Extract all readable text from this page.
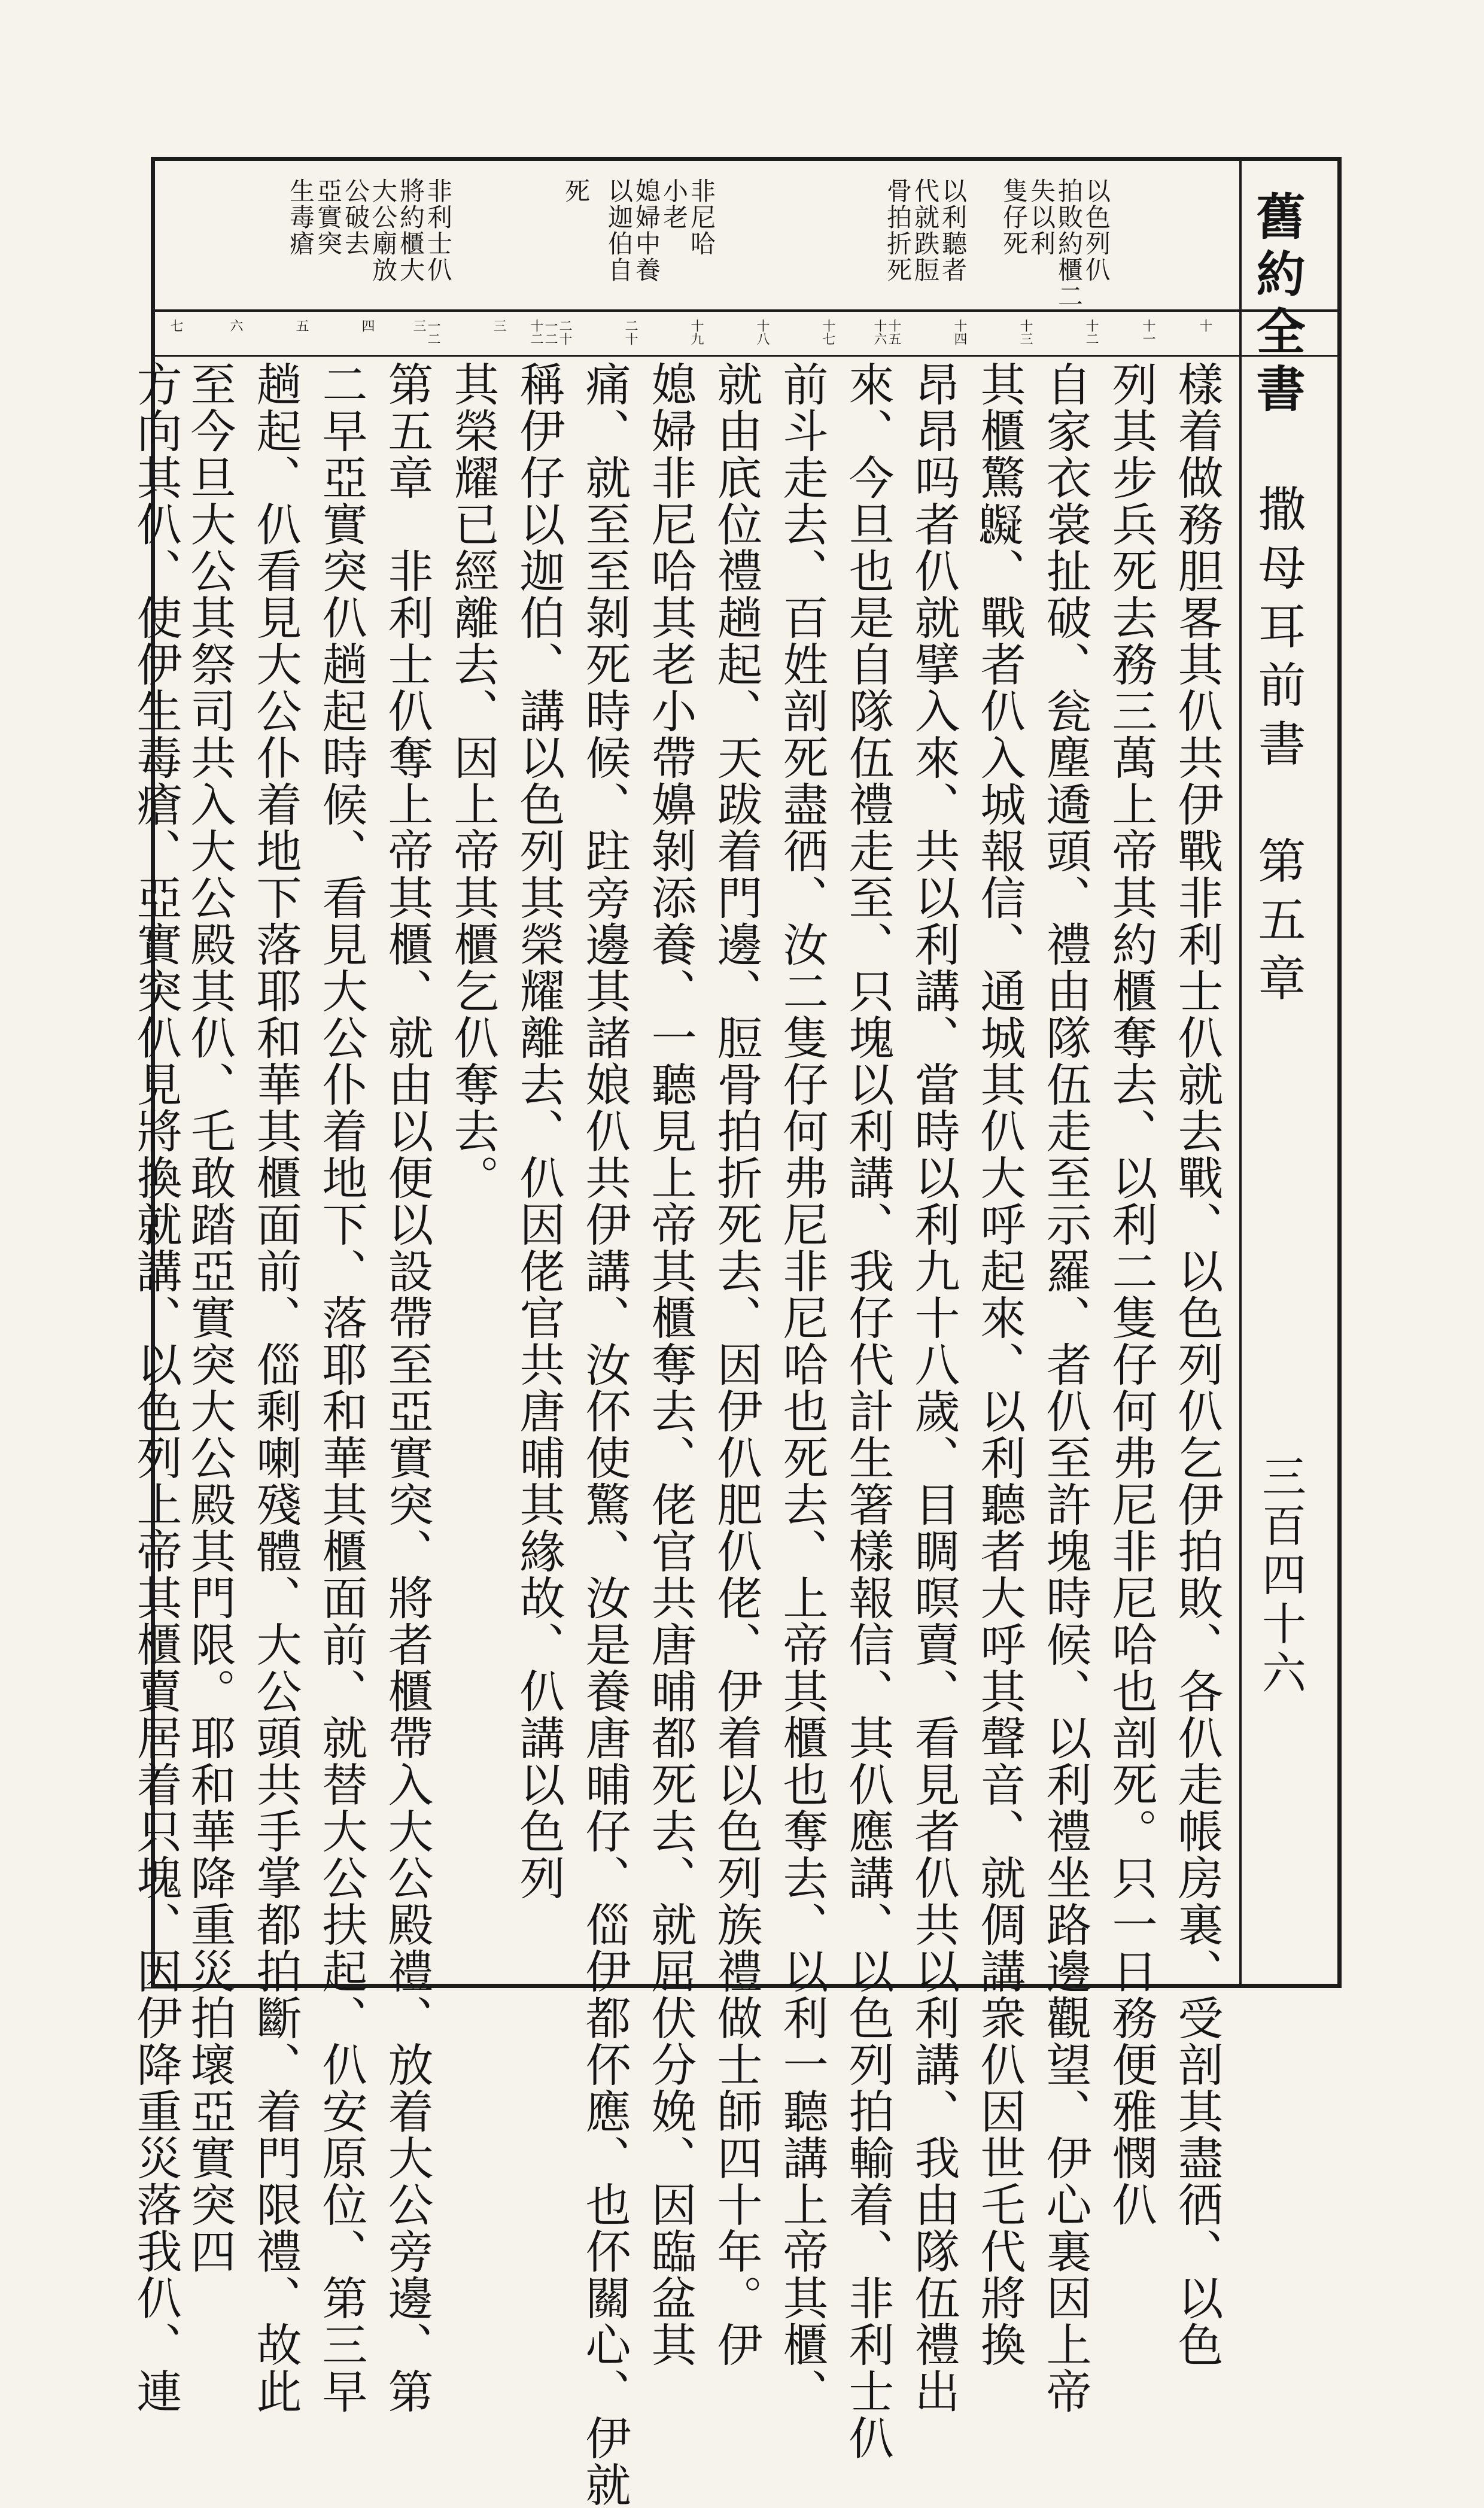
以色列仈
拍敗約櫃二
失以利
隻仔死
以利聽者
代就跌脰
骨拍折死
非尼哈
小老
媳婦中養
以迦伯自
死
非利士仈
將約櫃大
大公廟放
公破去
亞實突
生毒瘡
十
十一
十二
十三
十四
十五十六
十七
十八
十九
二十
二十一二十二
三
一二三
四
五
六
七
樣着做務胆畧其仈共伊戰非利士仈就去戰、以色列仈乞伊拍敗、各仈走帳房裏、受剖其盡徆、以色
列其步兵死去務三萬上帝其約櫃奪去、以利二隻仔何弗尼非尼哈也剖死。只一日務便雅憫仈
自家衣裳扯破、瓮塵䢪頭、禮由隊伍走至示羅、者仈至許塊時候、以利禮坐路邊觀望、伊心裏因上帝
其櫃驚𢥷、戰者仈入城報信、通城其仈大呼起來、以利聽者大呼其聲音、就倜講衆仈因世乇代將換
昂昂吗者仈就擘入來、共以利講、當時以利九十八歲、目睭暝賣、看見者仈共以利講、我由隊伍禮出
來、今旦也是自隊伍禮走至、只塊以利講、我仔代計生箸樣報信、其仈應講、以色列拍輸着、非利士仈
前斗走去、百姓剖死盡徆、汝二隻仔何弗尼非尼哈也死去、上帝其櫃也奪去、以利一聽講上帝其櫃、
就由㡳位禮趟起、天跋着門邊、脰骨拍折死去、因伊仈肥仈佬、伊着以色列族禮做士師四十年。伊
媳婦非尼哈其老小帶嬶剝添養、一聽見上帝其櫃奪去、佬官共唐晡都死去、就屈伏分娩、因臨盆其
痛、就至至剝死時候、跓旁邊其諸娘仈共伊講、汝伓使驚、汝是養唐晡仔、㑎伊都伓應、也伓關心、伊就
稱伊仔以迦伯、講以色列其榮耀離去、仈因佬官共唐晡其緣故、仈講以色列
其榮耀已經離去、因上帝其櫃乞仈奪去。
第五章　非利士仈奪上帝其櫃、就由以便以設帶至亞實突、將者櫃帶入大公殿禮、放着大公旁邊、第
二早亞實突仈趟起時候、看見大公仆着地下、落耶和華其櫃面前、就替大公扶起、仈安原位、第三早
趟起、仈看見大公仆着地下落耶和華其櫃面前、㑎剩喇殘體、大公頭共手掌都拍斷、着門限禮、故此
至今旦大公其祭司共入大公殿其仈、乇敢踏亞實突大公殿其門限。耶和華降重災拍壞亞實突四
方向其仈、使伊生毒瘡、亞實突仈見將換就講、以色列上帝其櫃賣居着只塊、因伊降重災落我仈、連
舊約全書
撒母耳前書　第五章
三百四十六
